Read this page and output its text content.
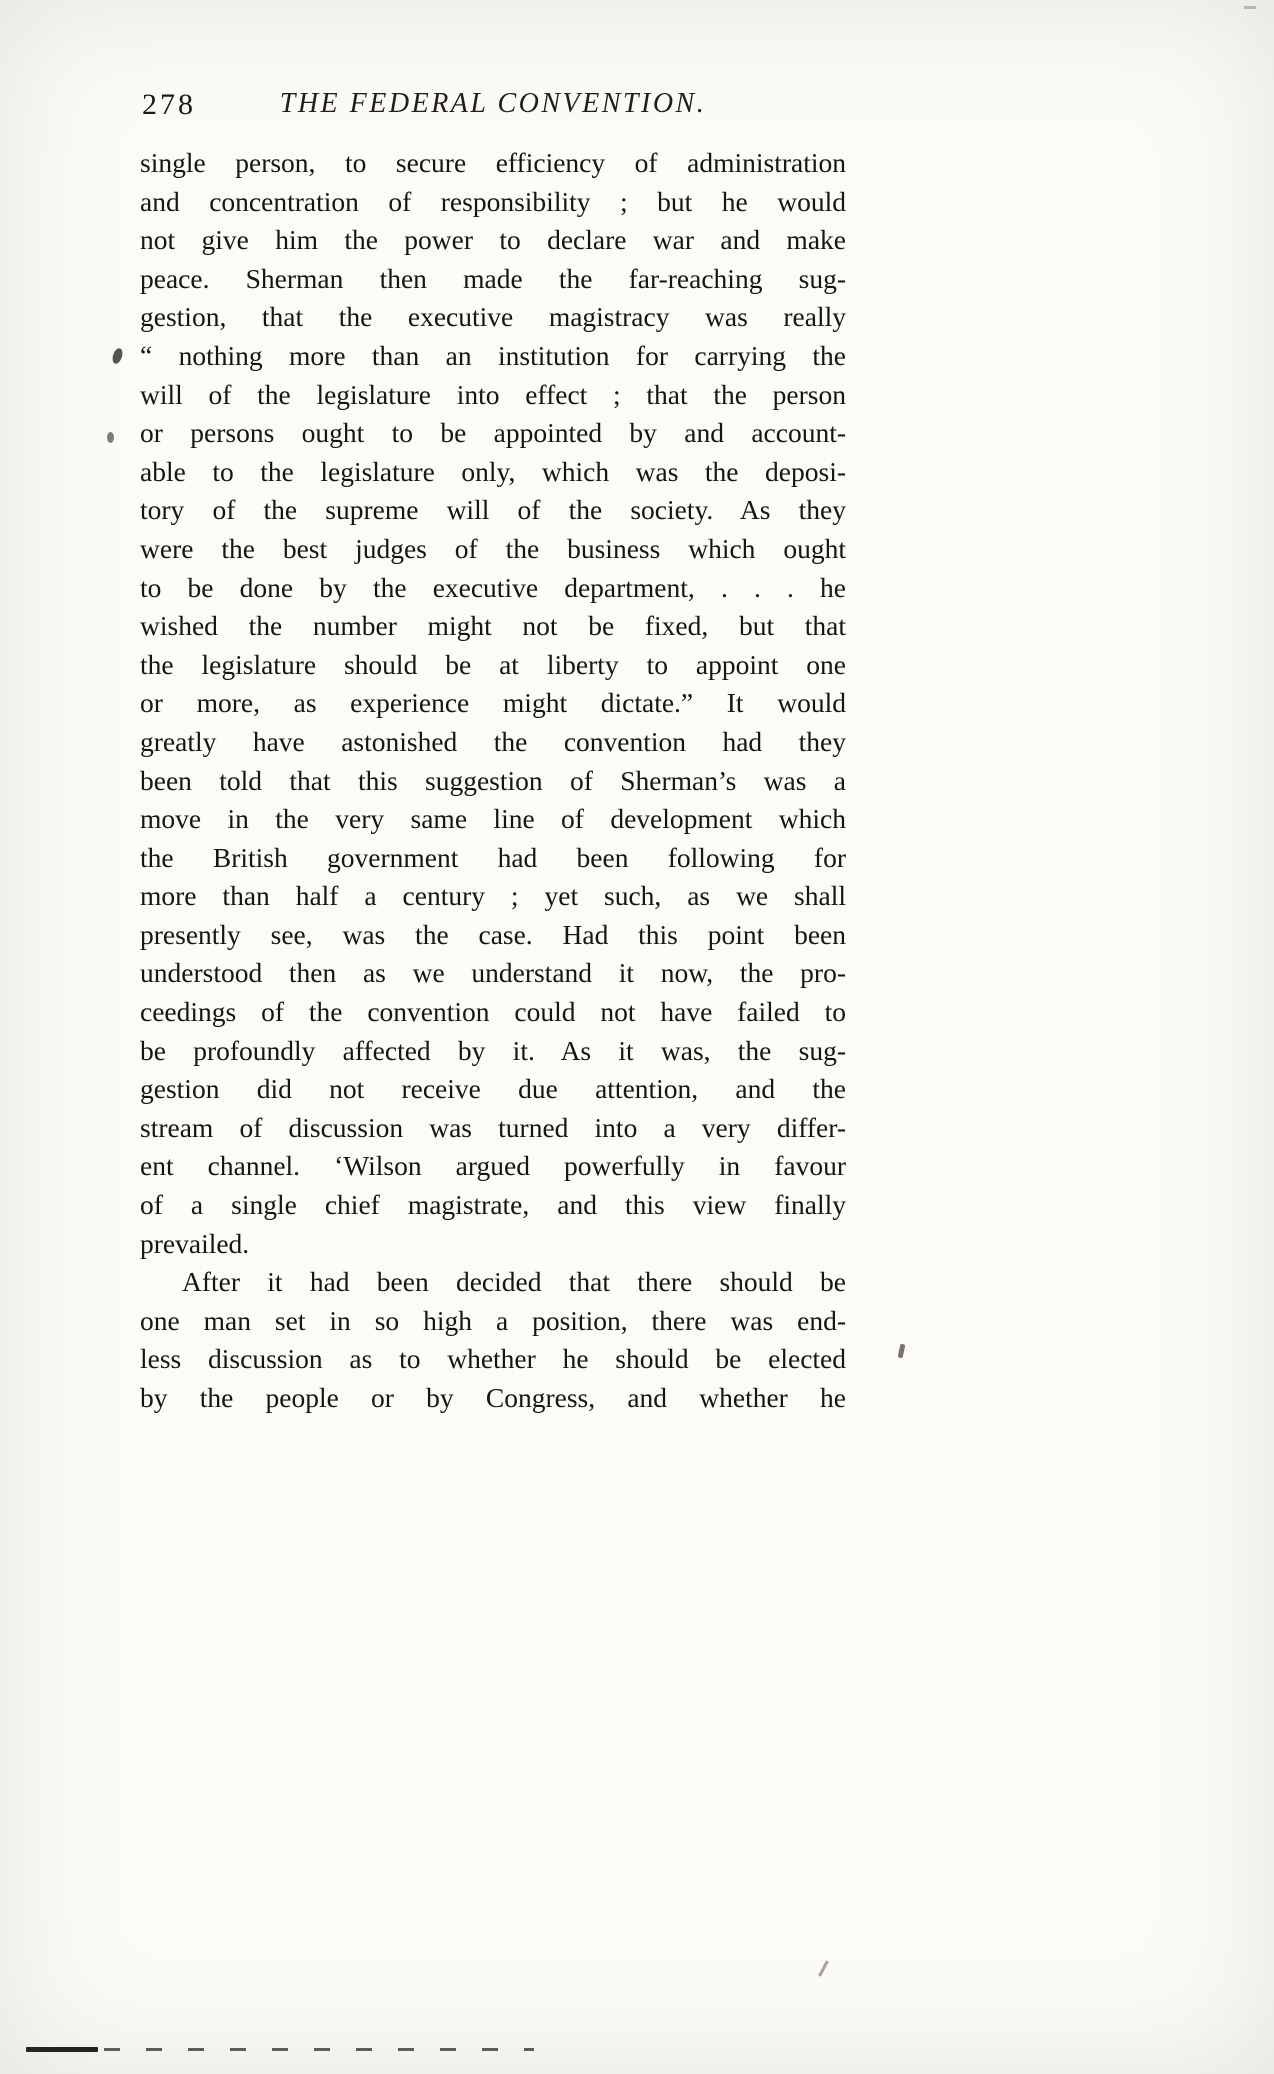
278	THE FEDERAL CONVENTION.
single person, to secure efficiency of administration
and concentration of responsibility ; but he would
not give him the power to declare war and make
peace. Sherman then made the far-reaching sug-
gestion, that the executive magistracy was really
“ nothing more than an institution for carrying the
will of the legislature into effect ; that the person
or persons ought to be appointed by and account-
able to the legislature only, which was the deposi-
tory of the supreme will of the society. As they
were the best judges of the business which ought
to be done by the executive department, . . . he
wished the number might not be fixed, but that
the legislature should be at liberty to appoint one
or more, as experience might dictate.” It would
greatly have astonished the convention had they
been told that this suggestion of Sherman’s was a
move in the very same line of development which
the British government had been following for
more than half a century ; yet such, as we shall
presently see, was the case. Had this point been
understood then as we understand it now, the pro-
ceedings of the convention could not have failed to
be profoundly affected by it. As it was, the sug-
gestion did not receive due attention, and the
stream of discussion was turned into a very differ-
ent channel. ‘Wilson argued powerfully in favour
of a single chief magistrate, and this view finally
prevailed.
After it had been decided that there should be
one man set in so high a position, there was end-
less discussion as to whether he should be elected
by the people or by Congress, and whether he
